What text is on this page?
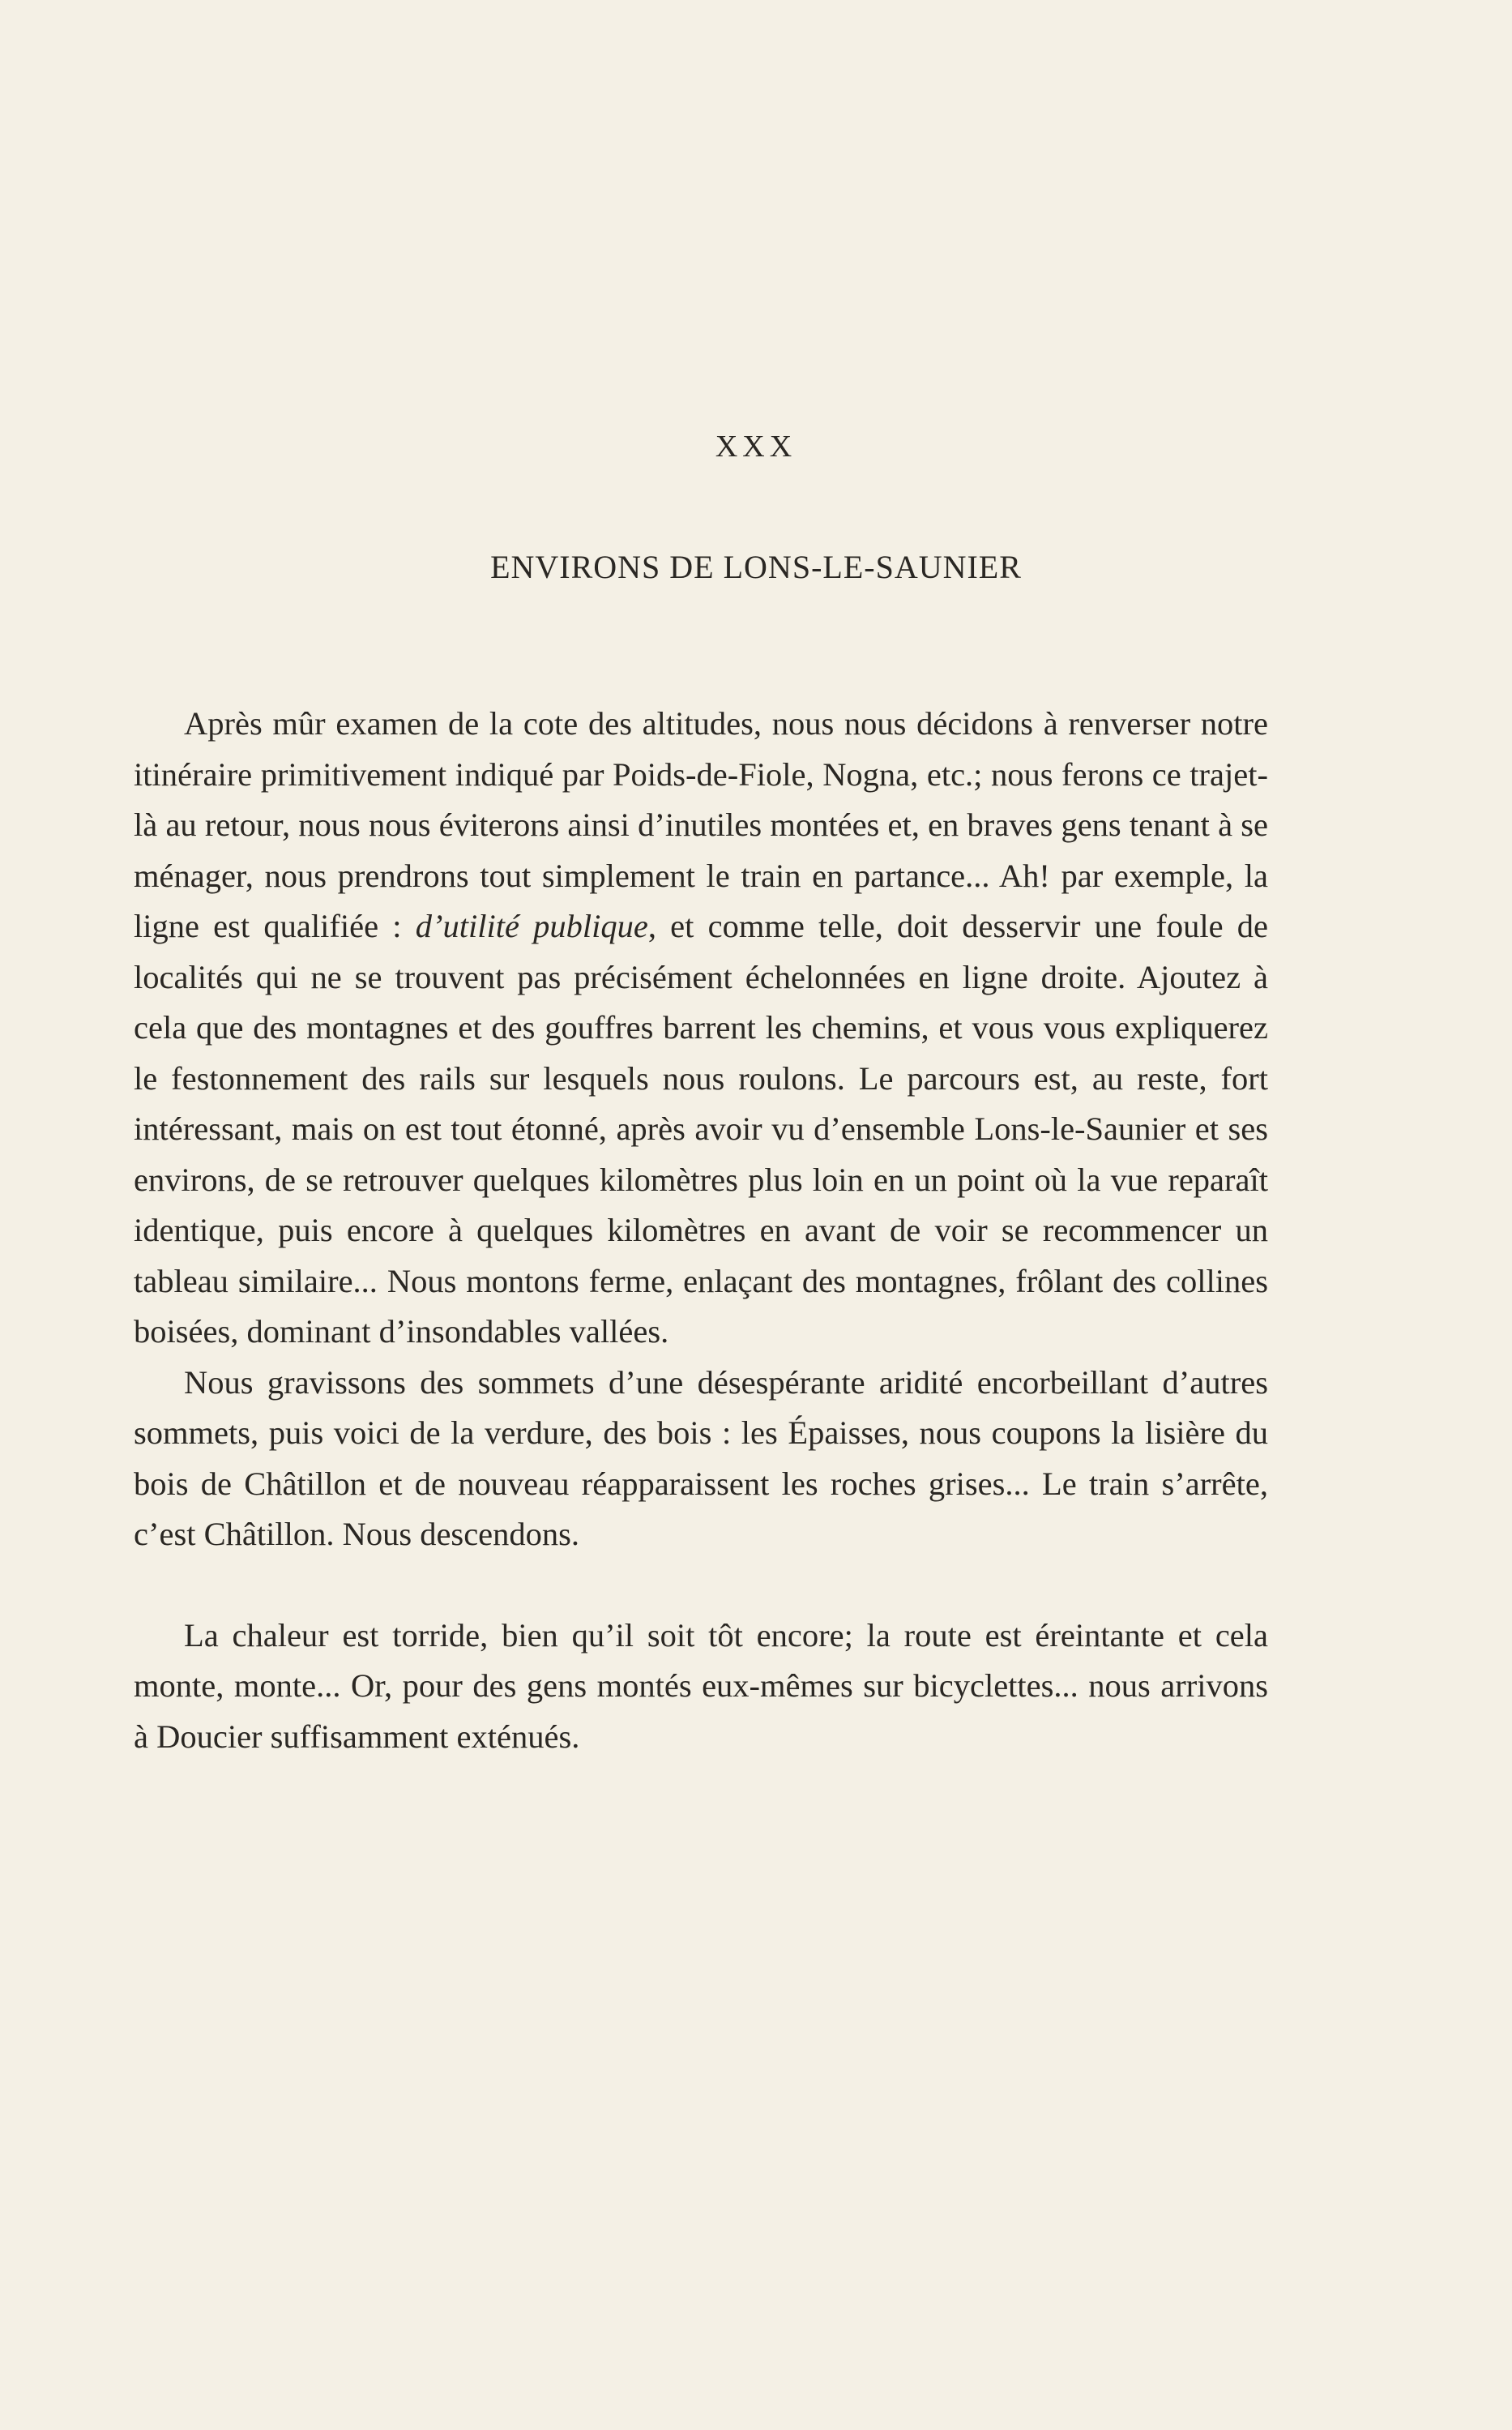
XXX
ENVIRONS DE LONS-LE-SAUNIER

Après mûr examen de la cote des altitudes, nous nous décidons à renverser notre itinéraire primitivement indiqué par Poids-de-Fiole, Nogna, etc.; nous ferons ce trajet-là au retour, nous nous éviterons ainsi d’inutiles montées et, en braves gens tenant à se ménager, nous prendrons tout simplement le train en partance... Ah! par exemple, la ligne est qualifiée : d’utilité publique, et comme telle, doit desservir une foule de localités qui ne se trouvent pas précisément échelonnées en ligne droite. Ajoutez à cela que des montagnes et des gouffres barrent les chemins, et vous vous expliquerez le festonnement des rails sur lesquels nous roulons. Le parcours est, au reste, fort intéressant, mais on est tout étonné, après avoir vu d’ensemble Lons-le-Saunier et ses environs, de se retrouver quelques kilomètres plus loin en un point où la vue reparaît identique, puis encore à quelques kilomètres en avant de voir se recommencer un tableau similaire... Nous montons ferme, enlaçant des montagnes, frôlant des collines boisées, dominant d’insondables vallées.

Nous gravissons des sommets d’une désespérante aridité encorbeillant d’autres sommets, puis voici de la verdure, des bois : les Épaisses, nous coupons la lisière du bois de Châtillon et de nouveau réapparaissent les roches grises... Le train s’arrête, c’est Châtillon. Nous descendons.

La chaleur est torride, bien qu’il soit tôt encore; la route est éreintante et cela monte, monte... Or, pour des gens montés eux-mêmes sur bicyclettes... nous arrivons à Doucier suffisamment exténués.
